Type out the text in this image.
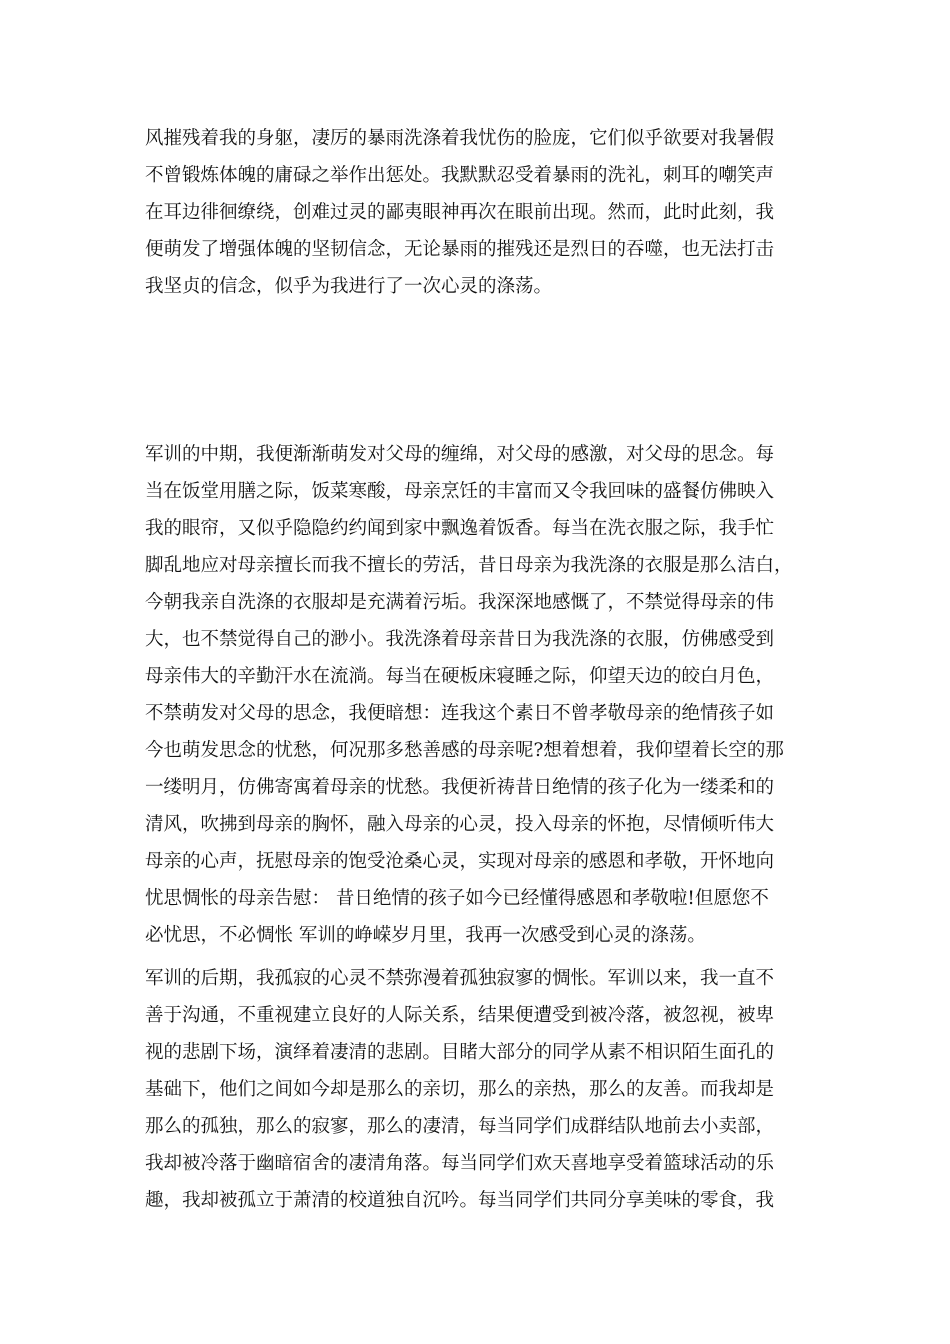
风摧残着我的身躯，凄厉的暴雨洗涤着我忧伤的脸庞，它们似乎欲要对我暑假
不曾锻炼体魄的庸碌之举作出惩处。我默默忍受着暴雨的洗礼，刺耳的嘲笑声
在耳边徘徊缭绕，创难过灵的鄙夷眼神再次在眼前出现。然而，此时此刻，我
便萌发了增强体魄的坚韧信念，无论暴雨的摧残还是烈日的吞噬，也无法打击
我坚贞的信念，似乎为我进行了一次心灵的涤荡。

军训的中期，我便渐渐萌发对父母的缠绵，对父母的感激，对父母的思念。每
当在饭堂用膳之际，饭菜寒酸，母亲烹饪的丰富而又令我回味的盛餐仿佛映入
我的眼帘，又似乎隐隐约约闻到家中飘逸着饭香。每当在洗衣服之际，我手忙
脚乱地应对母亲擅长而我不擅长的劳活，昔日母亲为我洗涤的衣服是那么洁白，
今朝我亲自洗涤的衣服却是充满着污垢。我深深地感慨了，不禁觉得母亲的伟
大，也不禁觉得自己的渺小。我洗涤着母亲昔日为我洗涤的衣服，仿佛感受到
母亲伟大的辛勤汗水在流淌。每当在硬板床寝睡之际，仰望天边的皎白月色，
不禁萌发对父母的思念，我便暗想：连我这个素日不曾孝敬母亲的绝情孩子如
今也萌发思念的忧愁，何况那多愁善感的母亲呢?想着想着，我仰望着长空的那
一缕明月，仿佛寄寓着母亲的忧愁。我便祈祷昔日绝情的孩子化为一缕柔和的
清风，吹拂到母亲的胸怀，融入母亲的心灵，投入母亲的怀抱，尽情倾听伟大
母亲的心声，抚慰母亲的饱受沧桑心灵，实现对母亲的感恩和孝敬，开怀地向
忧思惆怅的母亲告慰： 昔日绝情的孩子如今已经懂得感恩和孝敬啦!但愿您不
必忧思，不必惆怅 军训的峥嵘岁月里，我再一次感受到心灵的涤荡。

军训的后期，我孤寂的心灵不禁弥漫着孤独寂寥的惆怅。军训以来，我一直不
善于沟通，不重视建立良好的人际关系，结果便遭受到被冷落，被忽视，被卑
视的悲剧下场，演绎着凄清的悲剧。目睹大部分的同学从素不相识陌生面孔的
基础下，他们之间如今却是那么的亲切，那么的亲热，那么的友善。而我却是
那么的孤独，那么的寂寥，那么的凄清，每当同学们成群结队地前去小卖部，
我却被冷落于幽暗宿舍的凄清角落。每当同学们欢天喜地享受着篮球活动的乐
趣，我却被孤立于萧清的校道独自沉吟。每当同学们共同分享美味的零食，我
